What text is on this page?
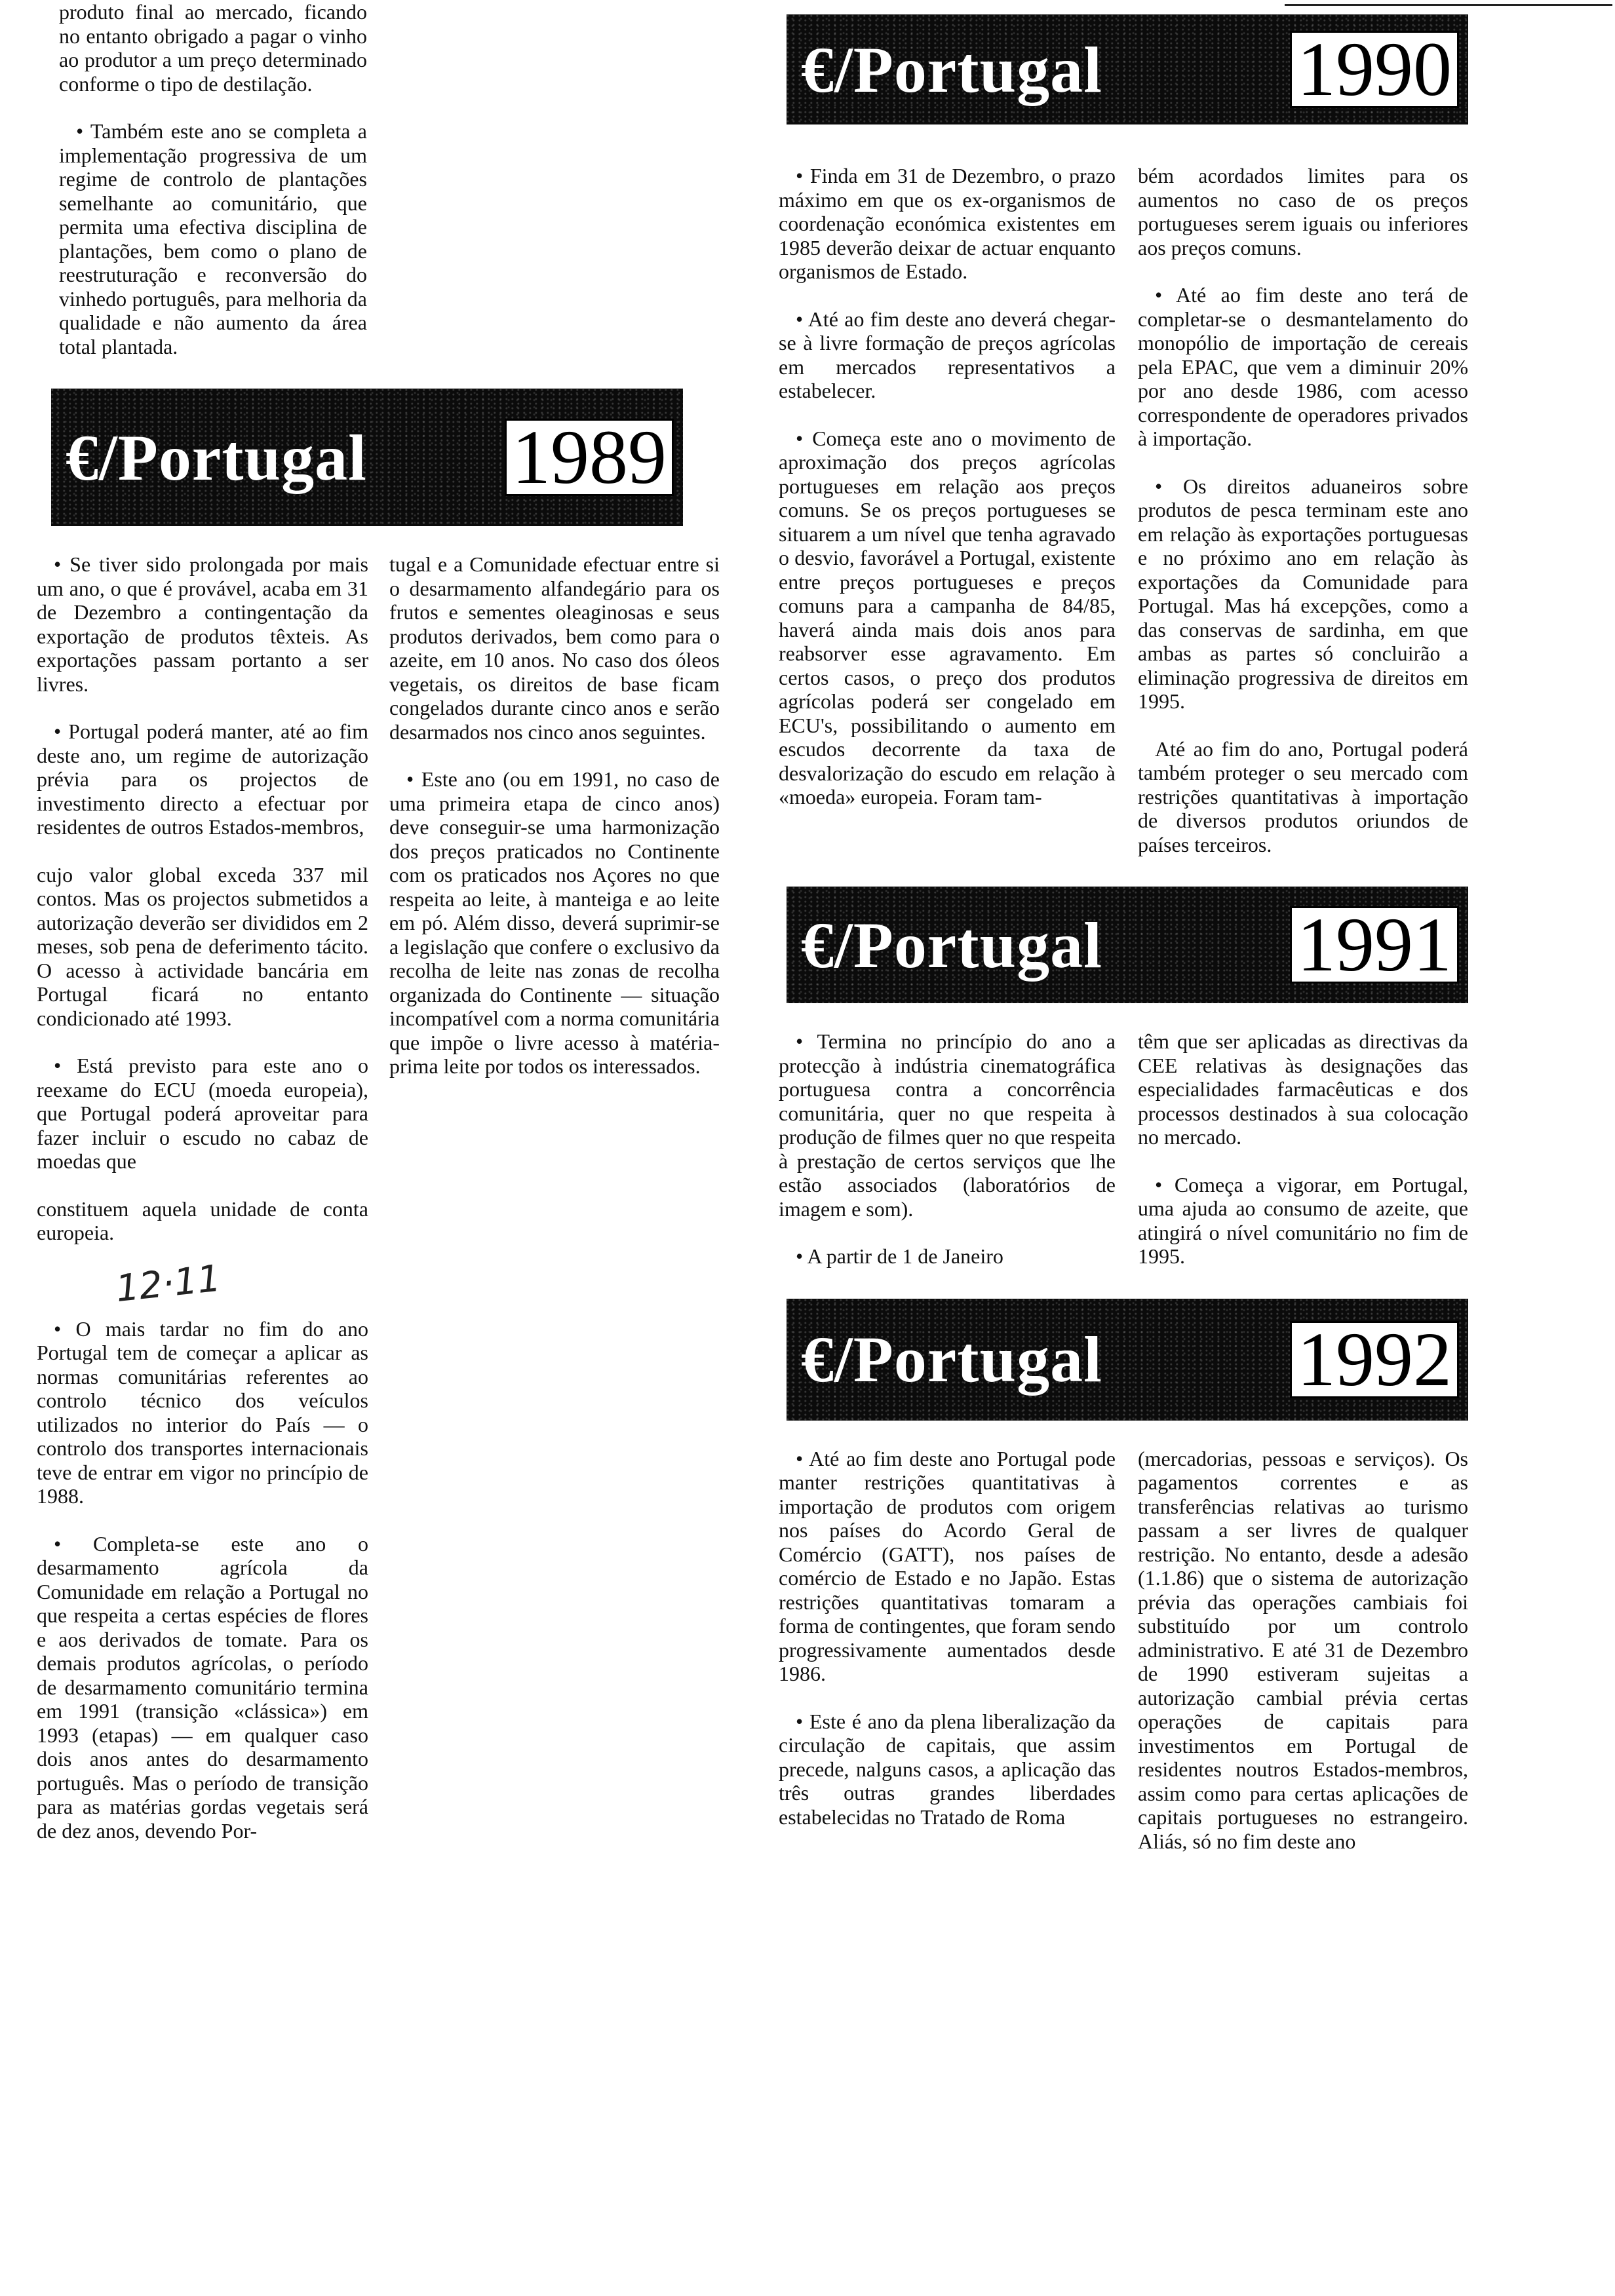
produto final ao mercado, ficando no entanto obrigado a pagar o vinho ao produtor a um preço determinado conforme o tipo de destilação.

• Também este ano se completa a implementação progressiva de um regime de controlo de plantações semelhante ao comunitário, que permita uma efectiva disciplina de plantações, bem como o plano de reestruturação e reconversão do vinhedo português, para melhoria da qualidade e não aumento da área total plantada.

€/Portugal 1989

• Se tiver sido prolongada por mais um ano, o que é provável, acaba em 31 de Dezembro a contingentação da exportação de produtos têxteis. As exportações passam portanto a ser livres.

• Portugal poderá manter, até ao fim deste ano, um regime de autorização prévia para os projectos de investimento directo a efectuar por residentes de outros Estados-membros,

cujo valor global exceda 337 mil contos. Mas os projectos submetidos a autorização deverão ser divididos em 2 meses, sob pena de deferimento tácito. O acesso à actividade bancária em Portugal ficará no entanto condicionado até 1993.

• Está previsto para este ano o reexame do ECU (moeda europeia), que Portugal poderá aproveitar para fazer incluir o escudo no cabaz de moedas que

constituem aquela unidade de conta europeia.

12·11

• O mais tardar no fim do ano Portugal tem de começar a aplicar as normas comunitárias referentes ao controlo técnico dos veículos utilizados no interior do País — o controlo dos transportes internacionais teve de entrar em vigor no princípio de 1988.

• Completa-se este ano o desarmamento agrícola da Comunidade em relação a Portugal no que respeita a certas espécies de flores e aos derivados de tomate. Para os demais produtos agrícolas, o período de desarmamento comunitário termina em 1991 (transição «clássica») em 1993 (etapas) — em qualquer caso dois anos antes do desarmamento português. Mas o período de transição para as matérias gordas vegetais será de dez anos, devendo Por-

tugal e a Comunidade efectuar entre si o desarmamento alfandegário para os frutos e sementes oleaginosas e seus produtos derivados, bem como para o azeite, em 10 anos. No caso dos óleos vegetais, os direitos de base ficam congelados durante cinco anos e serão desarmados nos cinco anos seguintes.

• Este ano (ou em 1991, no caso de uma primeira etapa de cinco anos) deve conseguir-se uma harmonização dos preços praticados no Continente com os praticados nos Açores no que respeita ao leite, à manteiga e ao leite em pó. Além disso, deverá suprimir-se a legislação que confere o exclusivo da recolha de leite nas zonas de recolha organizada do Continente — situação incompatível com a norma comunitária que impõe o livre acesso à matéria-prima leite por todos os interessados.

€/Portugal	1990

• Finda em 31 de Dezembro, o prazo máximo em que os ex-organismos de coordenação económica existentes em 1985 deverão deixar de actuar enquanto organismos de Estado.

• Até ao fim deste ano deverá chegar-se à livre formação de preços agrícolas em mercados representativos a estabelecer.

• Começa este ano o movimento de aproximação dos preços agrícolas portugueses em relação aos preços comuns. Se os preços portugueses se situarem a um nível que tenha agravado o desvio, favorável a Portugal, existente entre preços portugueses e preços comuns para a campanha de 84/85, haverá ainda mais dois anos para reabsorver esse agravamento. Em certos casos, o preço dos produtos agrícolas poderá ser congelado em ECU's, possibilitando o aumento em escudos decorrente da taxa de desvalorização do escudo em relação à «moeda» europeia. Foram tam-

bém acordados limites para os aumentos no caso de os preços portugueses serem iguais ou inferiores aos preços comuns.

• Até ao fim deste ano terá de completar-se o desmantelamento do monopólio de importação de cereais pela EPAC, que vem a diminuir 20% por ano desde 1986, com acesso correspondente de operadores privados à importação.

• Os direitos aduaneiros sobre produtos de pesca terminam este ano em relação às exportações portuguesas e no próximo ano em relação às exportações da Comunidade para Portugal. Mas há excepções, como a das conservas de sardinha, em que ambas as partes só concluirão a eliminação progressiva de direitos em 1995.

Até ao fim do ano, Portugal poderá também proteger o seu mercado com restrições quantitativas à importação de diversos produtos oriundos de países terceiros.

€/Portugal	1991

• Termina no princípio do ano a protecção à indústria cinematográfica portuguesa contra a concorrência comunitária, quer no que respeita à produção de filmes quer no que respeita à prestação de certos serviços que lhe estão associados (laboratórios de imagem e som).

• A partir de 1 de Janeiro

têm que ser aplicadas as directivas da CEE relativas às designações das especialidades farmacêuticas e dos processos destinados à sua colocação no mercado.

• Começa a vigorar, em Portugal, uma ajuda ao consumo de azeite, que atingirá o nível comunitário no fim de 1995.

€/Portugal	1992

• Até ao fim deste ano Portugal pode manter restrições quantitativas à importação de produtos com origem nos países do Acordo Geral de Comércio (GATT), nos países de comércio de Estado e no Japão. Estas restrições quantitativas tomaram a forma de contingentes, que foram sendo progressivamente aumentados desde 1986.

• Este é ano da plena liberalização da circulação de capitais, que assim precede, nalguns casos, a aplicação das três outras grandes liberdades estabelecidas no Tratado de Roma

(mercadorias, pessoas e serviços). Os pagamentos correntes e as transferências relativas ao turismo passam a ser livres de qualquer restrição. No entanto, desde a adesão (1.1.86) que o sistema de autorização prévia das operações cambiais foi substituído por um controlo administrativo. E até 31 de Dezembro de 1990 estiveram sujeitas a autorização cambial prévia certas operações de capitais para investimentos em Portugal de residentes noutros Estados-membros, assim como para certas aplicações de capitais portugueses no estrangeiro. Aliás, só no fim deste ano
